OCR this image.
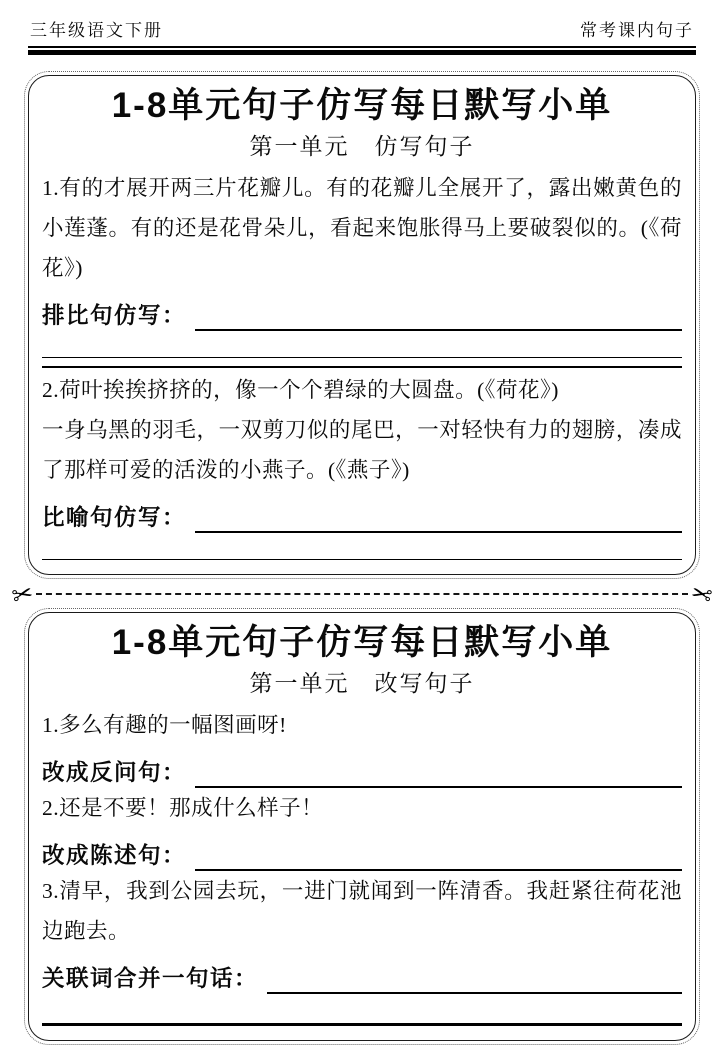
三年级语文下册	常考课内句子
1-8单元句子仿写每日默写小单
第一单元　仿写句子
1.有的才展开两三片花瓣儿。有的花瓣儿全展开了，露出嫩黄色的小莲蓬。有的还是花骨朵儿，看起来饱胀得马上要破裂似的。(《荷花》)
排比句仿写：
2.荷叶挨挨挤挤的，像一个个碧绿的大圆盘。(《荷花》)
一身乌黑的羽毛，一双剪刀似的尾巴，一对轻快有力的翅膀，凑成了那样可爱的活泼的小燕子。(《燕子》)
比喻句仿写：
✂	✂
1-8单元句子仿写每日默写小单
第一单元　改写句子
1.多么有趣的一幅图画呀!
改成反问句：
2.还是不要！那成什么样子！
改成陈述句：
3.清早，我到公园去玩，一进门就闻到一阵清香。我赶紧往荷花池边跑去。
关联词合并一句话：
